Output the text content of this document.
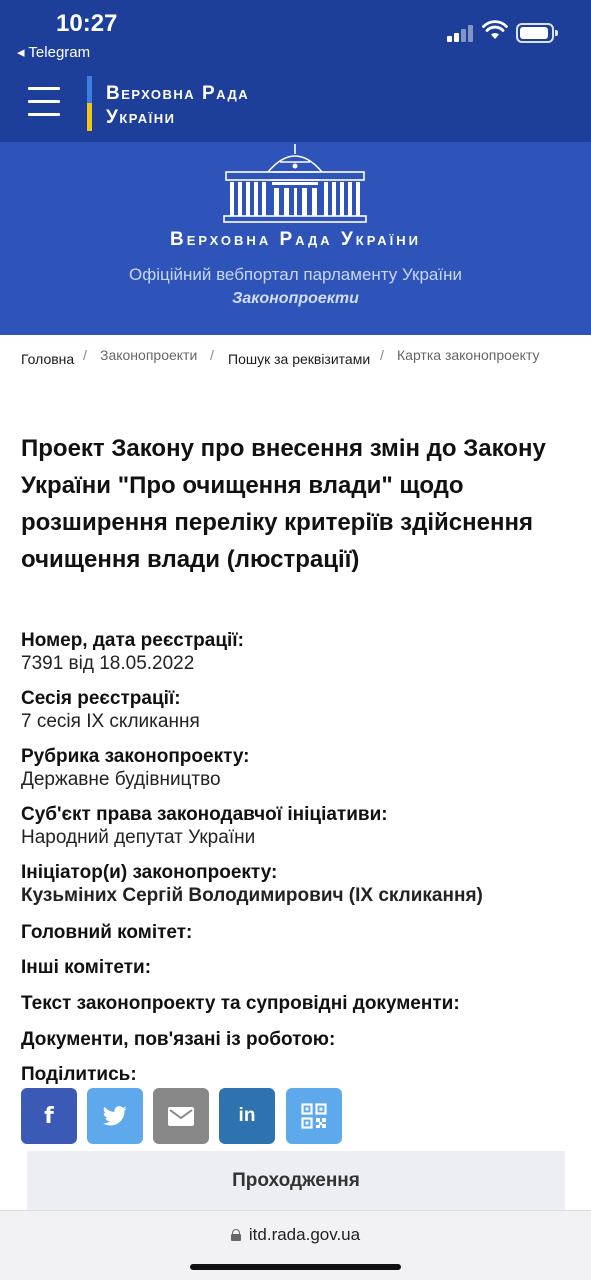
10:27
◂ Telegram
Верховна Рада
України
Верховна Рада України
Офіційний вебпортал парламенту України
Законопроекти
Головна / Законопроекти / Пошук за реквізитами / Картка законопроекту
Проект Закону про внесення змін до Закону України "Про очищення влади" щодо розширення переліку критеріїв здійснення очищення влади (люстрації)
Номер, дата реєстрації:
7391 від 18.05.2022
Сесія реєстрації:
7 сесія IX скликання
Рубрика законопроекту:
Державне будівництво
Суб'єкт права законодавчої ініціативи:
Народний депутат України
Ініціатор(и) законопроекту:
Кузьміних Сергій Володимирович (IX скликання)
Головний комітет:
Інші комітети:
Текст законопроекту та супровідні документи:
Документи, пов'язані із роботою:
Поділитись:
f	in
Проходження
itd.rada.gov.ua
